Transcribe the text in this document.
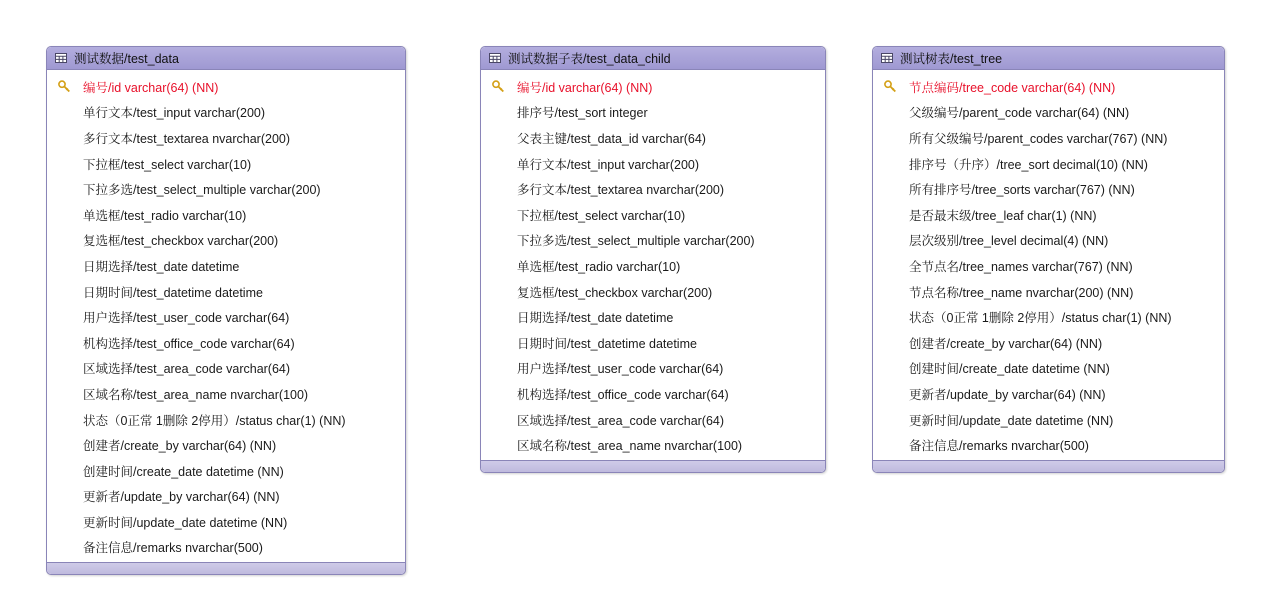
测试数据/test_data
编号/id varchar(64) (NN)
单行文本/test_input varchar(200)
多行文本/test_textarea nvarchar(200)
下拉框/test_select varchar(10)
下拉多选/test_select_multiple varchar(200)
单选框/test_radio varchar(10)
复选框/test_checkbox varchar(200)
日期选择/test_date datetime
日期时间/test_datetime datetime
用户选择/test_user_code varchar(64)
机构选择/test_office_code varchar(64)
区域选择/test_area_code varchar(64)
区域名称/test_area_name nvarchar(100)
状态（0正常 1删除 2停用）/status char(1) (NN)
创建者/create_by varchar(64) (NN)
创建时间/create_date datetime (NN)
更新者/update_by varchar(64) (NN)
更新时间/update_date datetime (NN)
备注信息/remarks nvarchar(500)
测试数据子表/test_data_child
编号/id varchar(64) (NN)
排序号/test_sort integer
父表主键/test_data_id varchar(64)
单行文本/test_input varchar(200)
多行文本/test_textarea nvarchar(200)
下拉框/test_select varchar(10)
下拉多选/test_select_multiple varchar(200)
单选框/test_radio varchar(10)
复选框/test_checkbox varchar(200)
日期选择/test_date datetime
日期时间/test_datetime datetime
用户选择/test_user_code varchar(64)
机构选择/test_office_code varchar(64)
区域选择/test_area_code varchar(64)
区域名称/test_area_name nvarchar(100)
测试树表/test_tree
节点编码/tree_code varchar(64) (NN)
父级编号/parent_code varchar(64) (NN)
所有父级编号/parent_codes varchar(767) (NN)
排序号（升序）/tree_sort decimal(10) (NN)
所有排序号/tree_sorts varchar(767) (NN)
是否最末级/tree_leaf char(1) (NN)
层次级别/tree_level decimal(4) (NN)
全节点名/tree_names varchar(767) (NN)
节点名称/tree_name nvarchar(200) (NN)
状态（0正常 1删除 2停用）/status char(1) (NN)
创建者/create_by varchar(64) (NN)
创建时间/create_date datetime (NN)
更新者/update_by varchar(64) (NN)
更新时间/update_date datetime (NN)
备注信息/remarks nvarchar(500)
